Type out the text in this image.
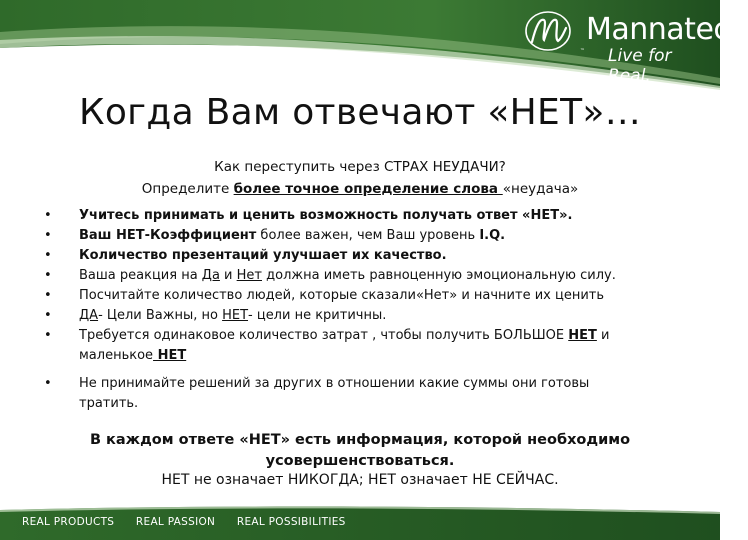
™
Mannatech
Live for Real.
Когда Вам отвечают «НЕТ»…
Как переступить через СТРАХ НЕУДАЧИ?
Определите более точное определение слова «неудача»
• Учитесь принимать и ценить возможность получать ответ «НЕТ».
• Ваш НЕТ-Коэффициент более важен, чем Ваш уровень I.Q.
• Количество презентаций улучшает их качество.
• Ваша реакция на Да и Нет должна иметь равноценную эмоциональную силу.
• Посчитайте количество людей, которые сказали«Нет» и начните их ценить
• ДА- Цели Важны, но НЕТ- цели не критичны.
• Требуется одинаковое количество затрат , чтобы получить БОЛЬШОЕ НЕТ и
маленькое НЕТ
• Не принимайте решений за других в отношении какие суммы они готовы
тратить.
В каждом ответе «НЕТ» есть информация, которой необходимо усовершенствоваться.
НЕТ не означает НИКОГДА; НЕТ означает НЕ СЕЙЧАС.
REAL PRODUCTS REAL PASSION REAL POSSIBILITIES
